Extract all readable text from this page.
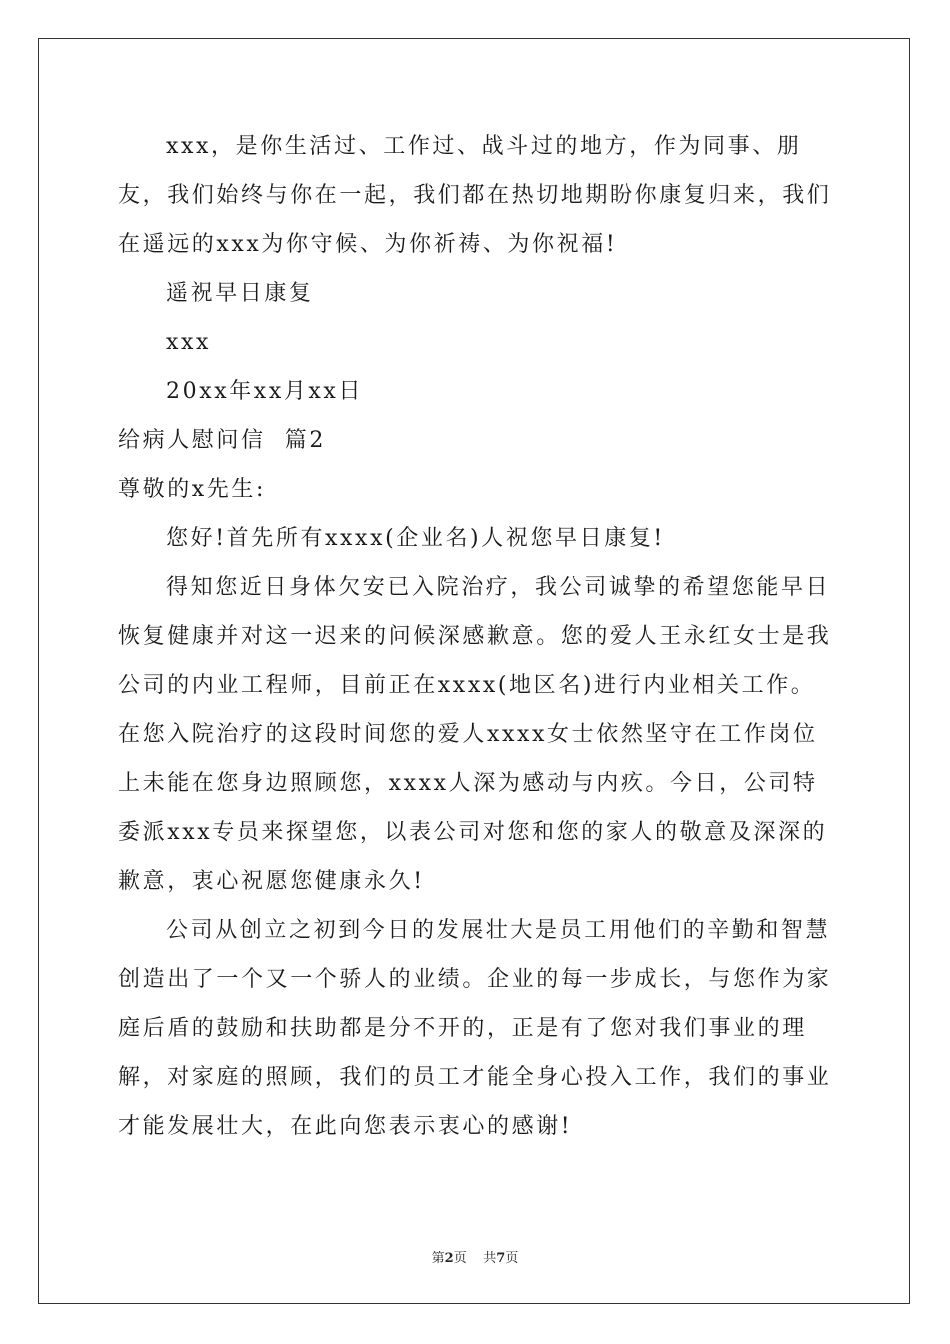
xxx，是你生活过、工作过、战斗过的地方，作为同事、朋友，我们始终与你在一起，我们都在热切地期盼你康复归来，我们在遥远的xxx为你守候、为你祈祷、为你祝福!

遥祝早日康复

xxx

20xx年xx月xx日

给病人慰问信  篇2

尊敬的x先生:

您好!首先所有xxxx(企业名)人祝您早日康复!

得知您近日身体欠安已入院治疗，我公司诚挚的希望您能早日恢复健康并对这一迟来的问候深感歉意。您的爱人王永红女士是我公司的内业工程师，目前正在xxxx(地区名)进行内业相关工作。在您入院治疗的这段时间您的爱人xxxx女士依然坚守在工作岗位上未能在您身边照顾您，xxxx人深为感动与内疚。今日，公司特委派xxx专员来探望您，以表公司对您和您的家人的敬意及深深的歉意，衷心祝愿您健康永久!

公司从创立之初到今日的发展壮大是员工用他们的辛勤和智慧创造出了一个又一个骄人的业绩。企业的每一步成长，与您作为家庭后盾的鼓励和扶助都是分不开的，正是有了您对我们事业的理解，对家庭的照顾，我们的员工才能全身心投入工作，我们的事业才能发展壮大，在此向您表示衷心的感谢!

第2页 共7页
